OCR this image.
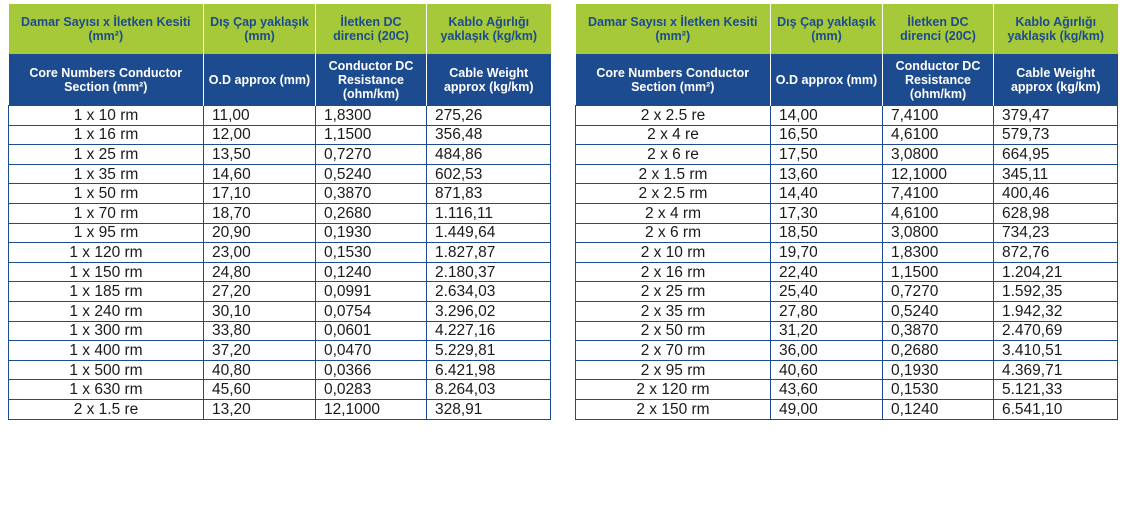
Damar Sayısı x İletken Kesiti (mm²)	Dış Çap yaklaşık (mm)	İletken DC direnci (20C)	Kablo Ağırlığı yaklaşık (kg/km)
Core Numbers Conductor Section (mm²)	O.D approx (mm)	Conductor DC Resistance (ohm/km)	Cable Weight approx (kg/km)
1 x 10 rm	11,00	1,8300	275,26
1 x 16 rm	12,00	1,1500	356,48
1 x 25 rm	13,50	0,7270	484,86
1 x 35 rm	14,60	0,5240	602,53
1 x 50 rm	17,10	0,3870	871,83
1 x 70 rm	18,70	0,2680	1.116,11
1 x 95 rm	20,90	0,1930	1.449,64
1 x 120 rm	23,00	0,1530	1.827,87
1 x 150 rm	24,80	0,1240	2.180,37
1 x 185 rm	27,20	0,0991	2.634,03
1 x 240 rm	30,10	0,0754	3.296,02
1 x 300 rm	33,80	0,0601	4.227,16
1 x 400 rm	37,20	0,0470	5.229,81
1 x 500 rm	40,80	0,0366	6.421,98
1 x 630 rm	45,60	0,0283	8.264,03
2 x 1.5 re	13,20	12,1000	328,91
Damar Sayısı x İletken Kesiti (mm²)	Dış Çap yaklaşık (mm)	İletken DC direnci (20C)	Kablo Ağırlığı yaklaşık (kg/km)
Core Numbers Conductor Section (mm²)	O.D approx (mm)	Conductor DC Resistance (ohm/km)	Cable Weight approx (kg/km)
2 x 2.5 re	14,00	7,4100	379,47
2 x 4 re	16,50	4,6100	579,73
2 x 6 re	17,50	3,0800	664,95
2 x 1.5 rm	13,60	12,1000	345,11
2 x 2.5 rm	14,40	7,4100	400,46
2 x 4 rm	17,30	4,6100	628,98
2 x 6 rm	18,50	3,0800	734,23
2 x 10 rm	19,70	1,8300	872,76
2 x 16 rm	22,40	1,1500	1.204,21
2 x 25 rm	25,40	0,7270	1.592,35
2 x 35 rm	27,80	0,5240	1.942,32
2 x 50 rm	31,20	0,3870	2.470,69
2 x 70 rm	36,00	0,2680	3.410,51
2 x 95 rm	40,60	0,1930	4.369,71
2 x 120 rm	43,60	0,1530	5.121,33
2 x 150 rm	49,00	0,1240	6.541,10
